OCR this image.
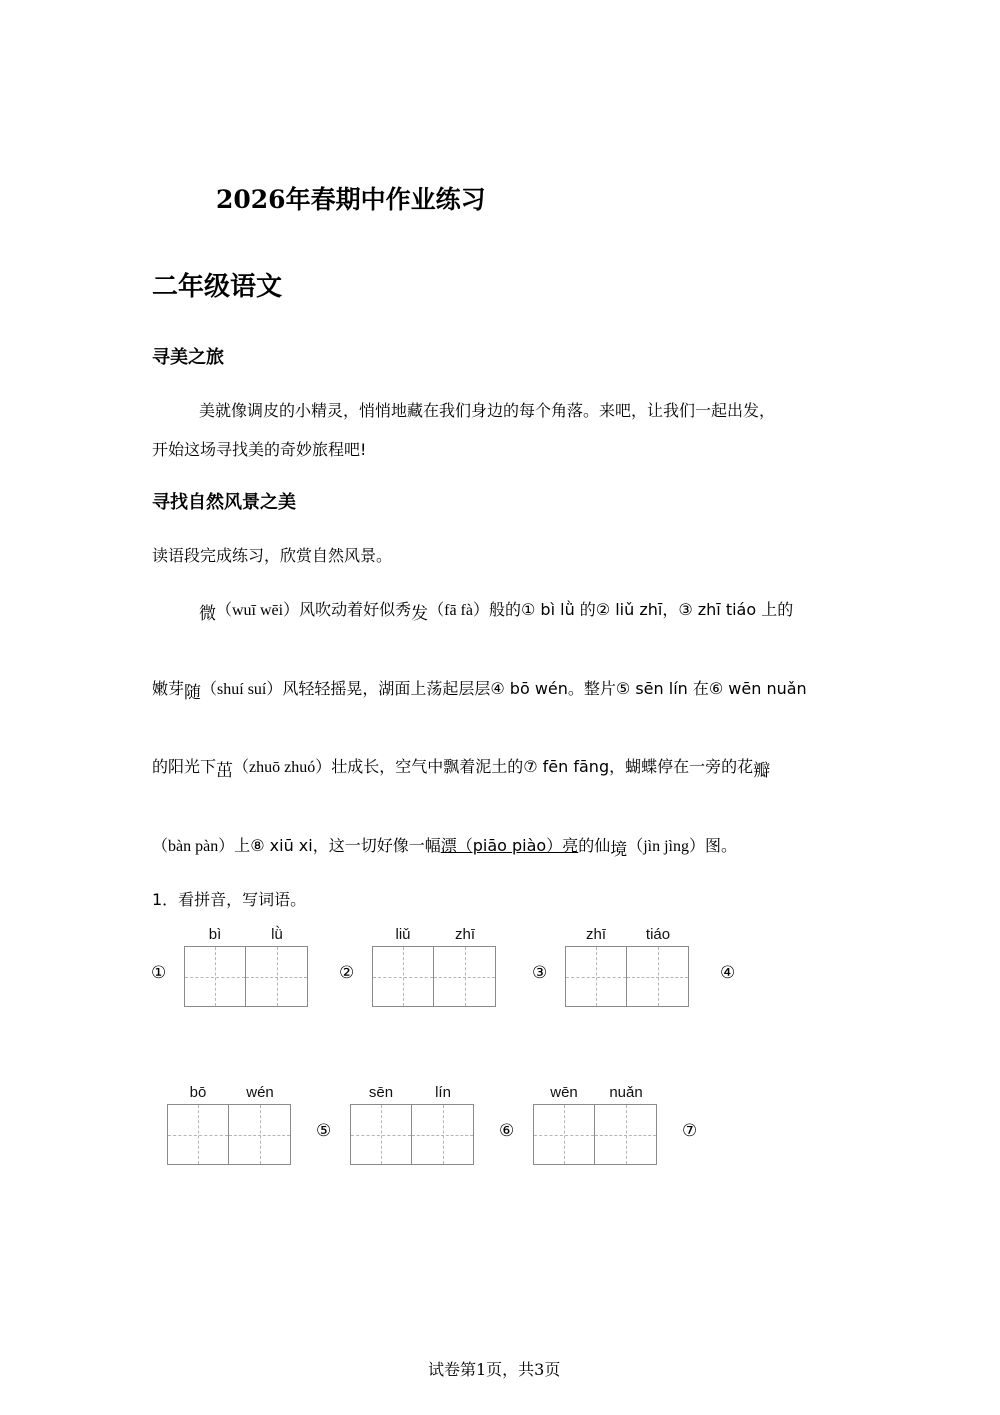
2026年春期中作业练习
二年级语文
寻美之旅
美就像调皮的小精灵，悄悄地藏在我们身边的每个角落。来吧，让我们一起出发，
开始这场寻找美的奇妙旅程吧!
寻找自然风景之美
读语段完成练习，欣赏自然风景。
微（wuī wēi）风吹动着好似秀发（fā fà）般的① bì lǜ 的② liǔ zhī，③ zhī tiáo 上的
嫩芽随（shuí suí）风轻轻摇晃，湖面上荡起层层④ bō wén。整片⑤ sēn lín 在⑥ wēn nuǎn
的阳光下茁（zhuō zhuó）壮成长，空气中飘着泥土的⑦ fēn fāng，蝴蝶停在一旁的花瓣
（bàn pàn）上⑧ xiū xi，这一切好像一幅漂（piāo piào）亮的仙境（jìn jìng）图。
1．看拼音，写词语。
①
bì	lǜ
②
liǔ	zhī
③
zhī	tiáo
④
bō	wén
⑤
sēn	lín
⑥
wēn	nuǎn
⑦
试卷第1页，共3页
